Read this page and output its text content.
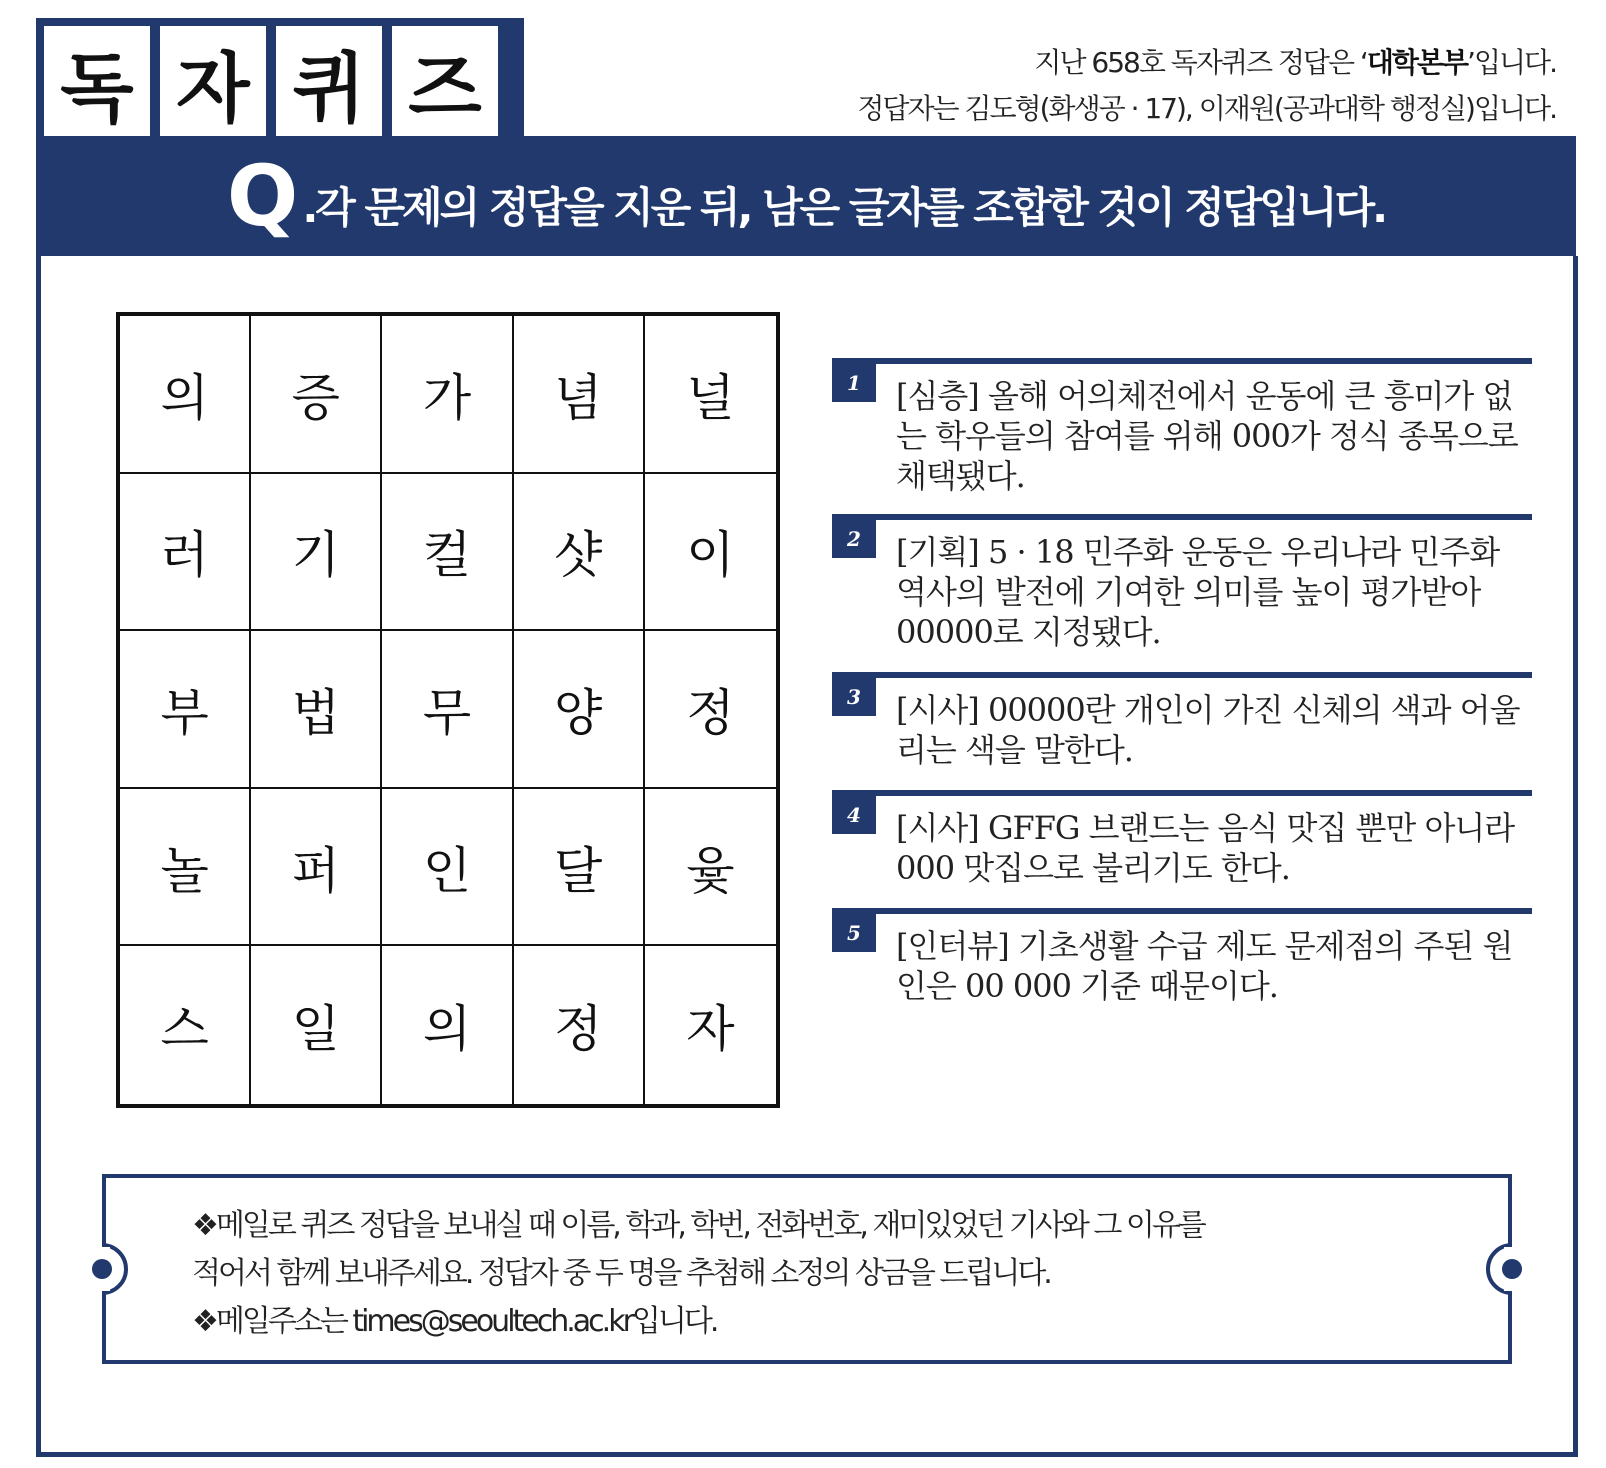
독 자 퀴 즈	지난 658호 독자퀴즈 정답은 ‘대학본부’입니다.
정답자는 김도형(화생공 · 17), 이재원(공과대학 행정실)입니다.
Q .각 문제의 정답을 지운 뒤, 남은 글자를 조합한 것이 정답입니다.
의	증	가	념	널
러	기	컬	샷	이
부	법	무	양	정
놀	퍼	인	달	윷
스	일	의	정	자
1	[심층] 올해 어의체전에서 운동에 큰 흥미가 없는 학우들의 참여를 위해 000가 정식 종목으로 채택됐다.
2	[기획] 5 · 18 민주화 운동은 우리나라 민주화 역사의 발전에 기여한 의미를 높이 평가받아 00000로 지정됐다.
3	[시사] 00000란 개인이 가진 신체의 색과 어울리는 색을 말한다.
4	[시사] GFFG 브랜드는 음식 맛집 뿐만 아니라 000 맛집으로 불리기도 한다.
5	[인터뷰] 기초생활 수급 제도 문제점의 주된 원인은 00 000 기준 때문이다.
❖메일로 퀴즈 정답을 보내실 때 이름, 학과, 학번, 전화번호, 재미있었던 기사와 그 이유를
적어서 함께 보내주세요. 정답자 중 두 명을 추첨해 소정의 상금을 드립니다.
❖메일주소는 times@seoultech.ac.kr입니다.
